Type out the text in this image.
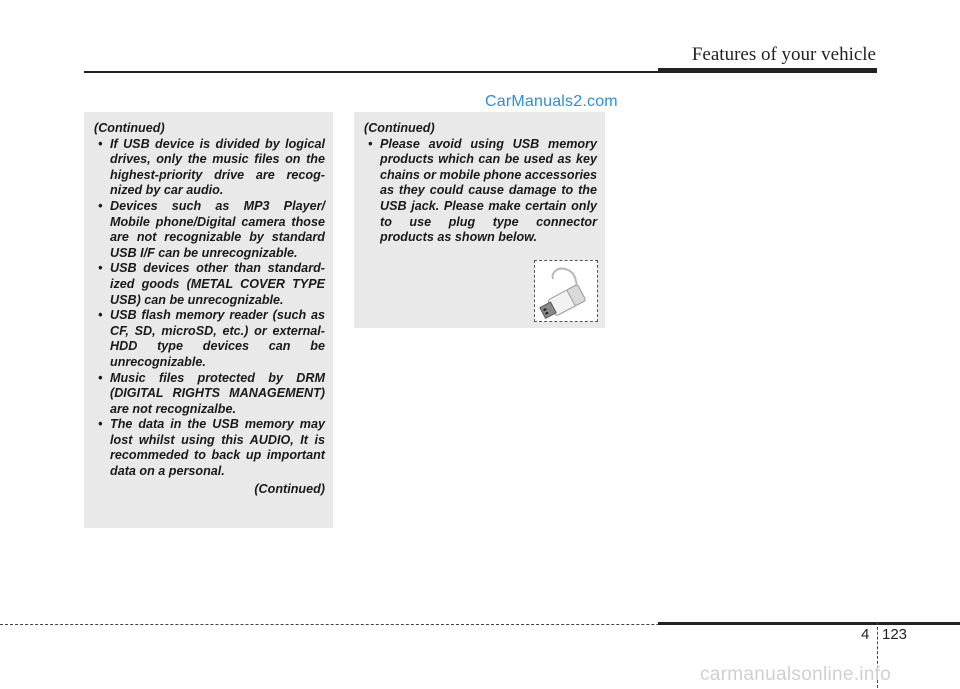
Features of your vehicle
CarManuals2.com
(Continued)
• If USB device is divided by logical drives, only the music files on the highest-priority drive are recognized by car audio.
• Devices such as MP3 Player/ Mobile phone/Digital camera those are not recognizable by standard USB I/F can be unrecognizable.
• USB devices other than standardized goods (METAL COVER TYPE USB) can be unrecognizable.
• USB flash memory reader (such as CF, SD, microSD, etc.) or external-HDD type devices can be unrecognizable.
• Music files protected by DRM (DIGITAL RIGHTS MANAGEMENT) are not recognizalbe.
• The data in the USB memory may lost whilst using this AUDIO, It is recommeded to back up important data on a personal.
(Continued)
(Continued)
• Please avoid using USB memory products which can be used as key chains or mobile phone accessories as they could cause damage to the USB jack. Please make certain only to use plug type connector products as shown below.
4 123
carmanualsonline.info
